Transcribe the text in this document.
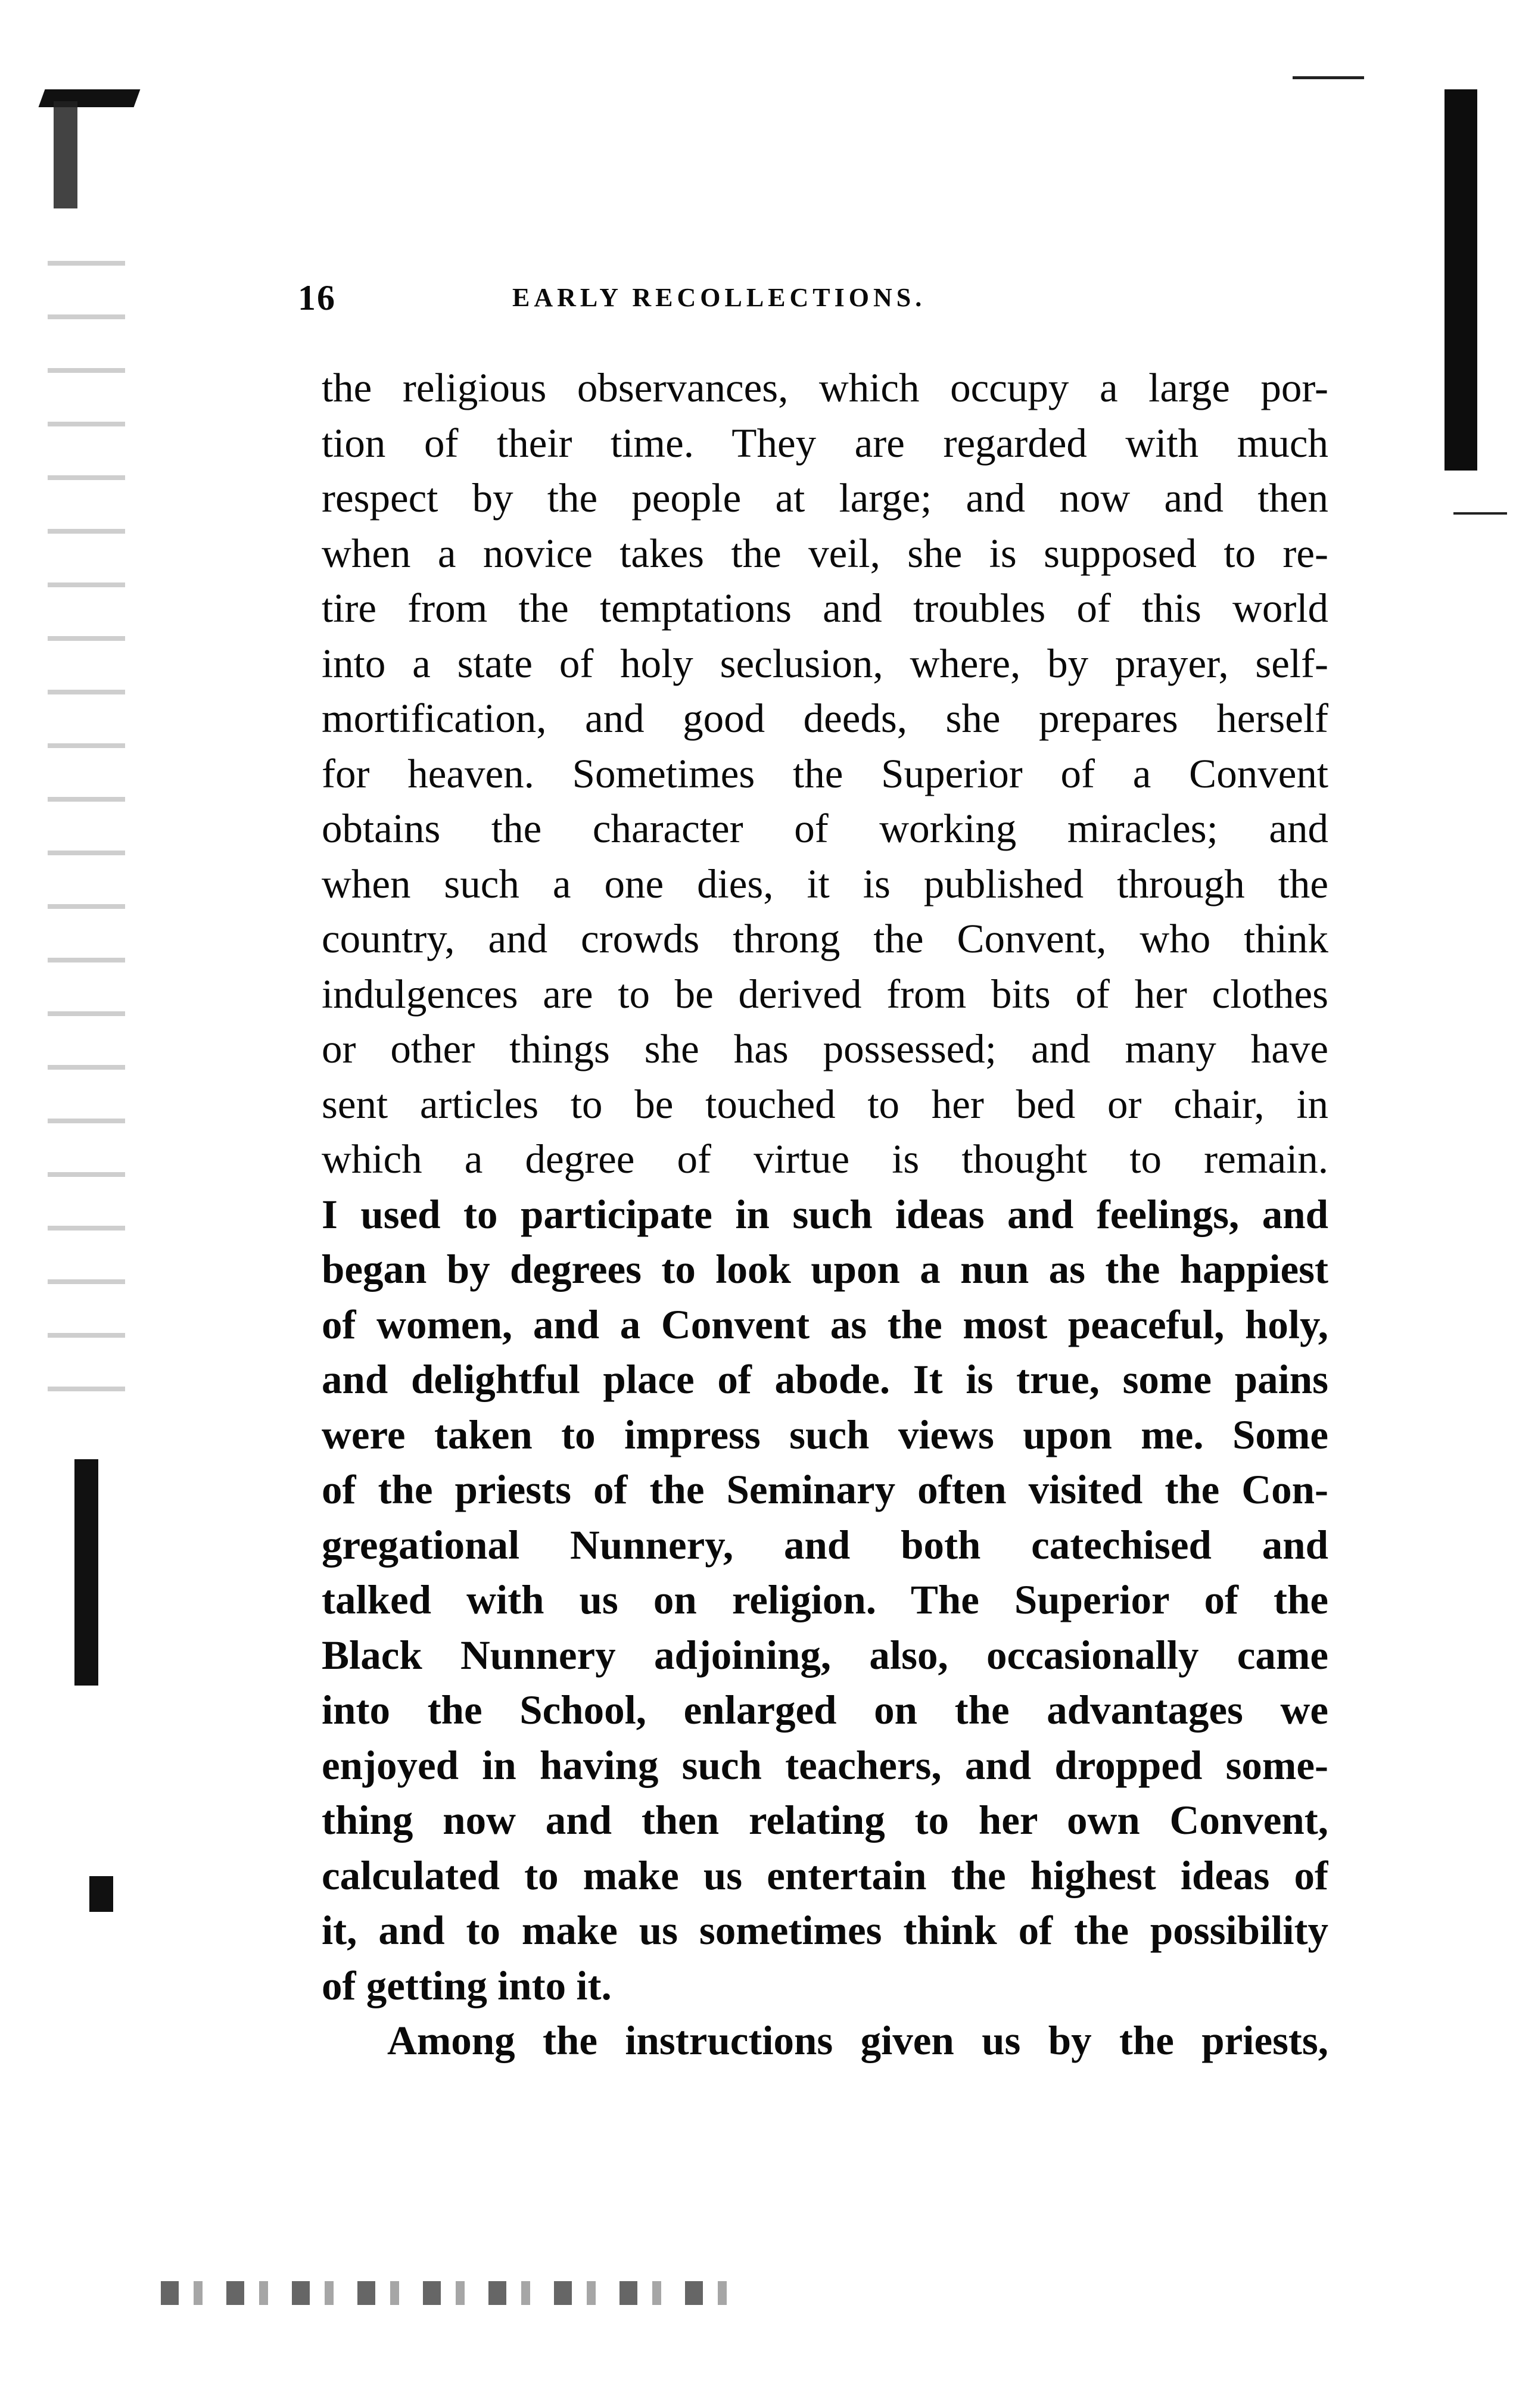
16	EARLY RECOLLECTIONS.
the religious observances, which occupy a large por-
tion of their time. They are regarded with much
respect by the people at large; and now and then
when a novice takes the veil, she is supposed to re-
tire from the temptations and troubles of this world
into a state of holy seclusion, where, by prayer, self-
mortification, and good deeds, she prepares herself
for heaven. Sometimes the Superior of a Convent
obtains the character of working miracles; and
when such a one dies, it is published through the
country, and crowds throng the Convent, who think
indulgences are to be derived from bits of her clothes
or other things she has possessed; and many have
sent articles to be touched to her bed or chair, in
which a degree of virtue is thought to remain.
I used to participate in such ideas and feelings, and
began by degrees to look upon a nun as the happiest
of women, and a Convent as the most peaceful, holy,
and delightful place of abode. It is true, some pains
were taken to impress such views upon me. Some
of the priests of the Seminary often visited the Con-
gregational Nunnery, and both catechised and
talked with us on religion. The Superior of the
Black Nunnery adjoining, also, occasionally came
into the School, enlarged on the advantages we
enjoyed in having such teachers, and dropped some-
thing now and then relating to her own Convent,
calculated to make us entertain the highest ideas of
it, and to make us sometimes think of the possibility
of getting into it.
Among the instructions given us by the priests,
